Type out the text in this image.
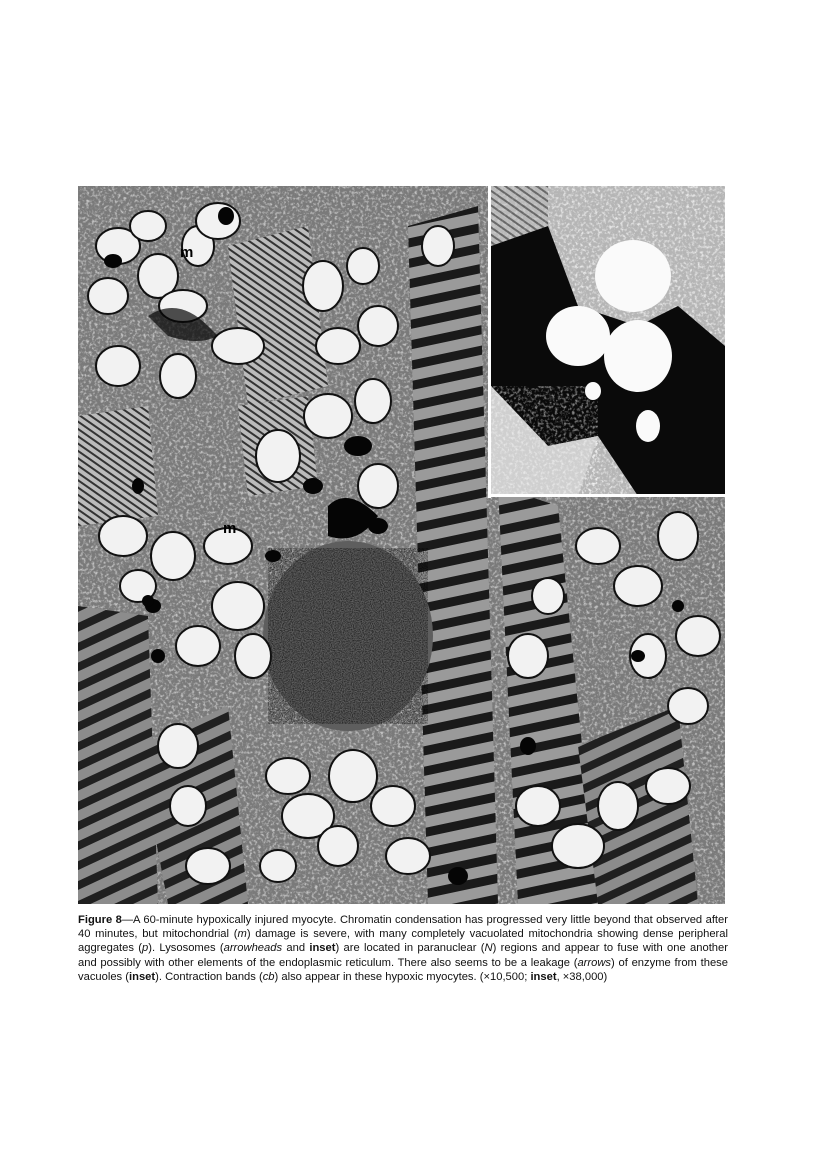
m
m
Figure 8—A 60-minute hypoxically injured myocyte. Chromatin condensation has progressed very little beyond that observed after 40 minutes, but mitochondrial (m) damage is severe, with many completely vacuolated mitochondria showing dense peripheral aggregates (p). Lysosomes (arrowheads and inset) are located in paranuclear (N) regions and appear to fuse with one another and possibly with other elements of the endoplasmic reticulum. There also seems to be a leakage (arrows) of enzyme from these vacuoles (inset). Contraction bands (cb) also appear in these hypoxic myocytes. (×10,500; inset, ×38,000)
